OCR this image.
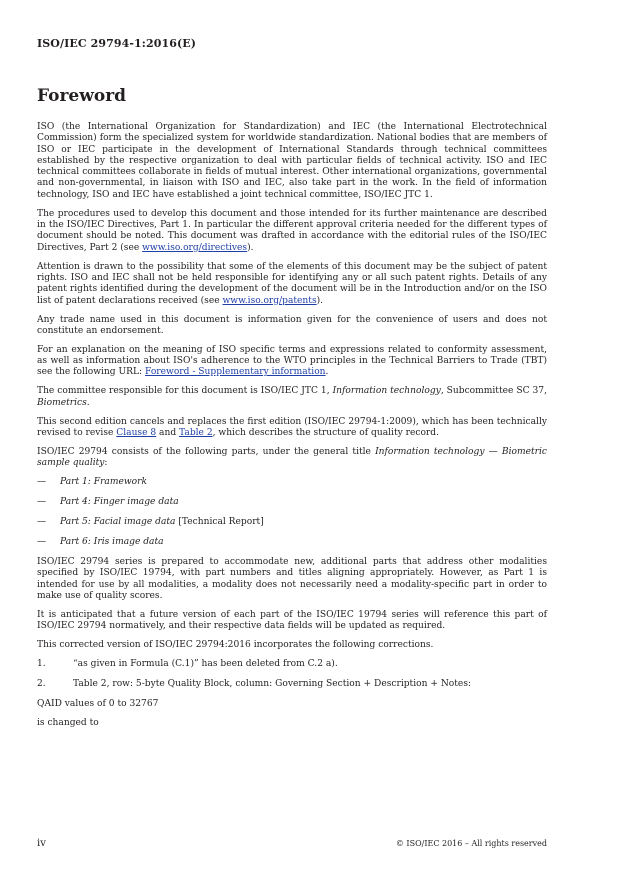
ISO/IEC 29794-1:2016(E)
Foreword

ISO (the International Organization for Standardization) and IEC (the International Electrotechnical Commission) form the specialized system for worldwide standardization. National bodies that are members of ISO or IEC participate in the development of International Standards through technical committees established by the respective organization to deal with particular fields of technical activity. ISO and IEC technical committees collaborate in fields of mutual interest. Other international organizations, governmental and non-governmental, in liaison with ISO and IEC, also take part in the work. In the field of information technology, ISO and IEC have established a joint technical committee, ISO/IEC JTC 1.

The procedures used to develop this document and those intended for its further maintenance are described in the ISO/IEC Directives, Part 1. In particular the different approval criteria needed for the different types of document should be noted. This document was drafted in accordance with the editorial rules of the ISO/IEC Directives, Part 2 (see www.iso.org/directives).

Attention is drawn to the possibility that some of the elements of this document may be the subject of patent rights. ISO and IEC shall not be held responsible for identifying any or all such patent rights. Details of any patent rights identified during the development of the document will be in the Introduction and/or on the ISO list of patent declarations received (see www.iso.org/patents).

Any trade name used in this document is information given for the convenience of users and does not constitute an endorsement.

For an explanation on the meaning of ISO specific terms and expressions related to conformity assessment, as well as information about ISO's adherence to the WTO principles in the Technical Barriers to Trade (TBT) see the following URL: Foreword - Supplementary information.

The committee responsible for this document is ISO/IEC JTC 1, Information technology, Subcommittee SC 37, Biometrics.

This second edition cancels and replaces the first edition (ISO/IEC 29794-1:2009), which has been technically revised to revise Clause 8 and Table 2, which describes the structure of quality record.

ISO/IEC 29794 consists of the following parts, under the general title Information technology — Biometric sample quality:

—	Part 1: Framework
—	Part 4: Finger image data
—	Part 5: Facial image data [Technical Report]
—	Part 6: Iris image data

ISO/IEC 29794 series is prepared to accommodate new, additional parts that address other modalities specified by ISO/IEC 19794, with part numbers and titles aligning appropriately. However, as Part 1 is intended for use by all modalities, a modality does not necessarily need a modality-specific part in order to make use of quality scores.

It is anticipated that a future version of each part of the ISO/IEC 19794 series will reference this part of ISO/IEC 29794 normatively, and their respective data fields will be updated as required.

This corrected version of ISO/IEC 29794:2016 incorporates the following corrections.

1.	“as given in Formula (C.1)” has been deleted from C.2 a).
2.	Table 2, row: 5-byte Quality Block, column: Governing Section + Description + Notes:

QAID values of 0 to 32767

is changed to

iv	© ISO/IEC 2016 – All rights reserved
